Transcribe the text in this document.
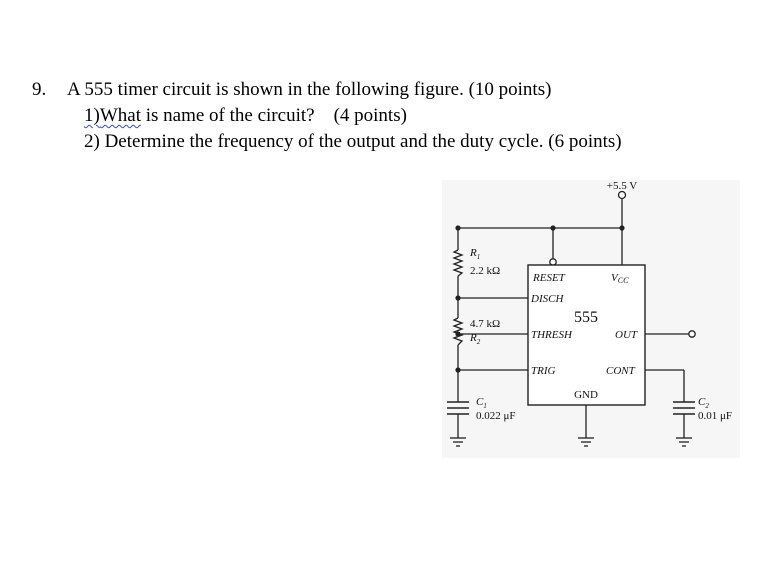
9. A 555 timer circuit is shown in the following figure. (10 points)
1)What is name of the circuit? (4 points)
2) Determine the frequency of the output and the duty cycle. (6 points)
+5.5 V
$R_1$
2.2 kΩ
4.7 kΩ
$R_2$
$C_1$
0.022 μF
$C_2$
0.01 μF
RESET	VCC
DISCH
555
THRESH	OUT
TRIG	CONT
GND
